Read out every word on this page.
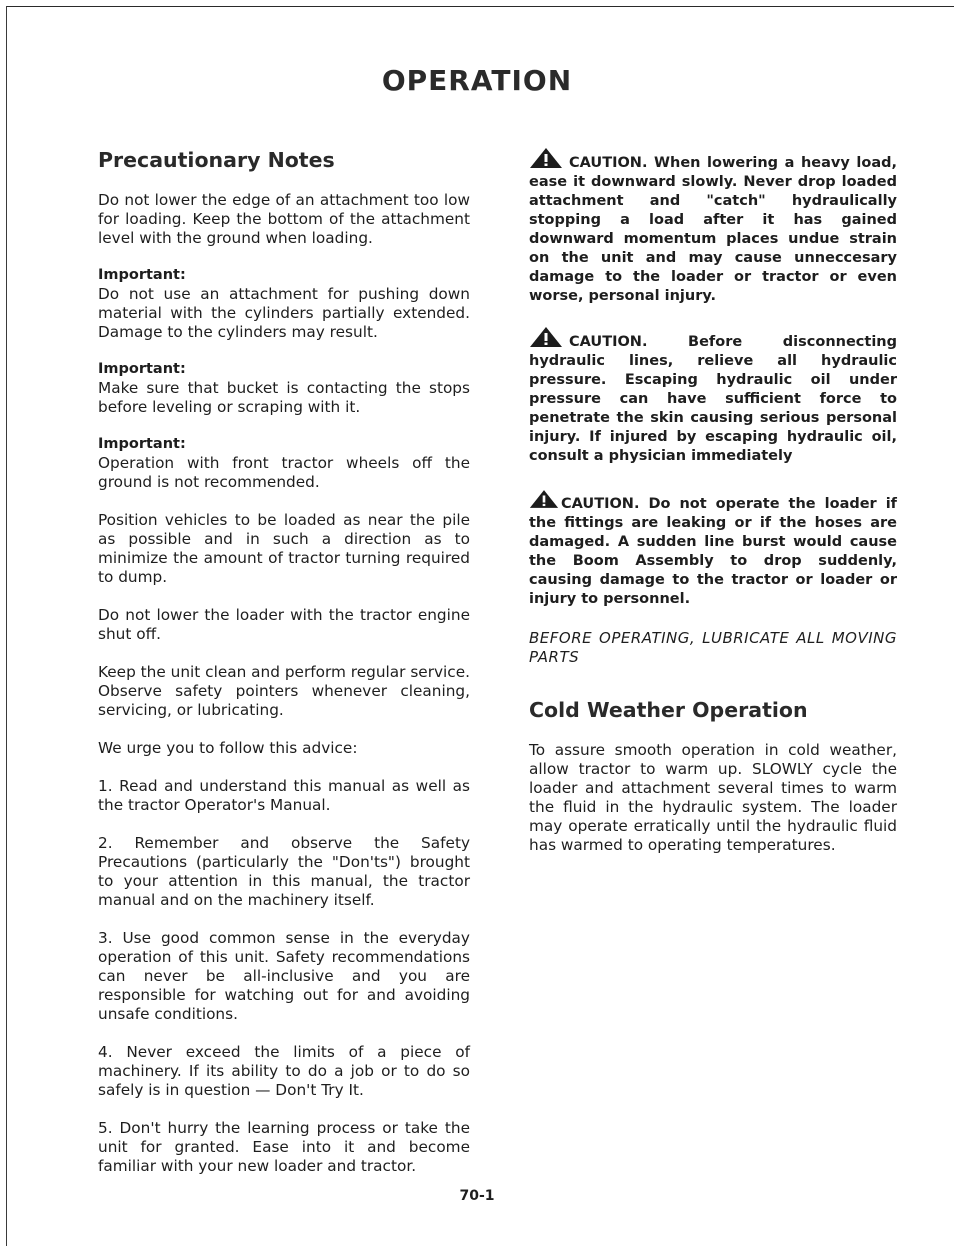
OPERATION
Precautionary Notes

Do not lower the edge of an attachment too low for loading. Keep the bottom of the attachment level with the ground when loading.

Important:

Do not use an attachment for pushing down material with the cylinders partially extended. Damage to the cylinders may result.

Important:

Make sure that bucket is contacting the stops before leveling or scraping with it.

Important:

Operation with front tractor wheels off the ground is not recommended.

Position vehicles to be loaded as near the pile as possible and in such a direction as to minimize the amount of tractor turning required to dump.

Do not lower the loader with the tractor engine shut off.

Keep the unit clean and perform regular service. Observe safety pointers whenever cleaning, servicing, or lubricating.

We urge you to follow this advice:

1. Read and understand this manual as well as the tractor Operator's Manual.

2. Remember and observe the Safety Precautions (particularly the "Don'ts") brought to your attention in this manual, the tractor manual and on the machinery itself.

3. Use good common sense in the everyday operation of this unit. Safety recommendations can never be all-inclusive and you are responsible for watching out for and avoiding unsafe conditions.

4. Never exceed the limits of a piece of machinery. If its ability to do a job or to do so safely is in question — Don't Try It.

5. Don't hurry the learning process or take the unit for granted. Ease into it and become familiar with your new loader and tractor.

CAUTION. When lowering a heavy load, ease it downward slowly. Never drop loaded attachment and "catch" hydraulically stopping a load after it has gained downward momentum places undue strain on the unit and may cause unneccesary damage to the loader or tractor or even worse, personal injury.
CAUTION. Before disconnecting hydraulic lines, relieve all hydraulic pressure. Escaping hydraulic oil under pressure can have sufficient force to penetrate the skin causing serious personal injury. If injured by escaping hydraulic oil, consult a physician immediately
CAUTION. Do not operate the loader if the fittings are leaking or if the hoses are damaged. A sudden line burst would cause the Boom Assembly to drop suddenly, causing damage to the tractor or loader or injury to personnel.

BEFORE OPERATING, LUBRICATE ALL MOVING PARTS

Cold Weather Operation

To assure smooth operation in cold weather, allow tractor to warm up. SLOWLY cycle the loader and attachment several times to warm the fluid in the hydraulic system. The loader may operate erratically until the hydraulic fluid has warmed to operating temperatures.

70-1
